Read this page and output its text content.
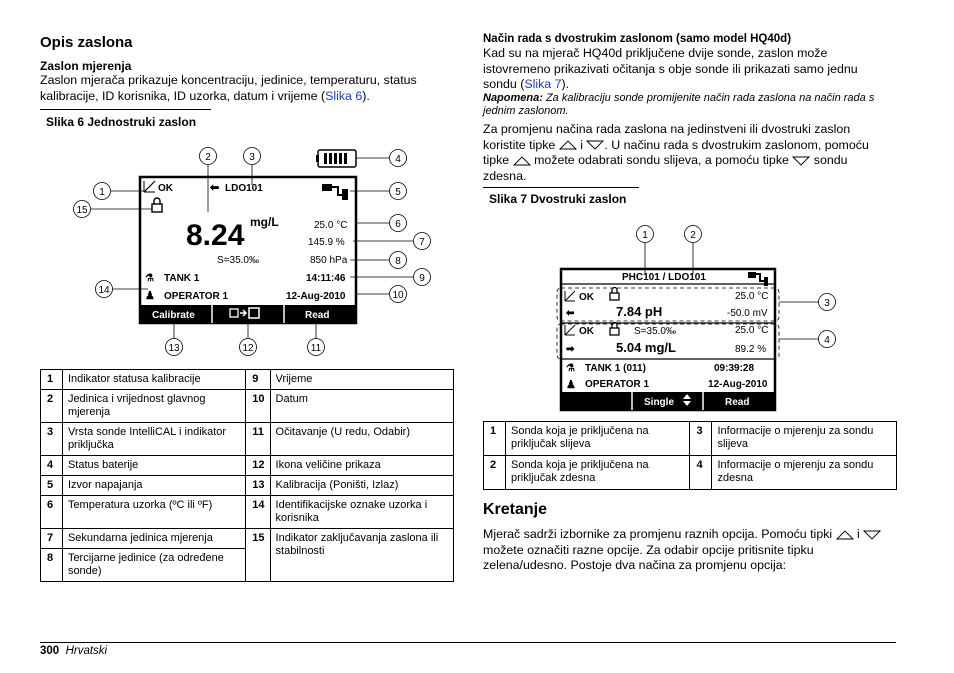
Opis zaslona
Zaslon mjerenja
Zaslon mjerača prikazuje koncentraciju, jedinice, temperaturu, status
kalibracije, ID korisnika, ID uzorka, datum i vrijeme (Slika 6).
Slika 6 Jednostruki zaslon
OK	⬅ LDO101
8.24 mg/L	25.0 °C
145.9 %
S=35.0‰	850 hPa
⚗ TANK 1	14:11:46
♟ OPERATOR 1	12-Aug-2010
Calibrate	Read
1
15
2	3	4
5
6
7
8
9
10
11
12
13
14
1	Indikator statusa kalibracije	9	Vrijeme
2	Jedinica i vrijednost glavnog mjerenja	10	Datum
3	Vrsta sonde IntelliCAL i indikator priključka	11	Očitavanje (U redu, Odabir)
4	Status baterije	12	Ikona veličine prikaza
5	Izvor napajanja	13	Kalibracija (Poništi, Izlaz)
6	Temperatura uzorka (ºC ili ºF)	14	Identifikacijske oznake uzorka i korisnika
7	Sekundarna jedinica mjerenja	15	Indikator zaključavanja zaslona ili stabilnosti
8	Tercijarne jedinice (za određene sonde)		
Način rada s dvostrukim zaslonom (samo model HQ40d)
Kad su na mjerač HQ40d priključene dvije sonde, zaslon može
istovremeno prikazivati očitanja s obje sonde ili prikazati samo jednu
sondu (Slika 7).
Napomena: Za kalibraciju sonde promijenite način rada zaslona na način rada s
jednim zaslonom.
Za promjenu načina rada zaslona na jedinstveni ili dvostruki zaslon
koristite tipke  i . U načinu rada s dvostrukim zaslonom, pomoću
tipke  možete odabrati sondu slijeva, a pomoću tipke  sondu
zdesna.
Slika 7 Dvostruki zaslon
PHC101 / LDO101
OK	25.0 °C
⬅	7.84 pH	-50.0 mV
OK	S=35.0‰	25.0 °C
➡	5.04 mg/L	89.2 %
⚗ TANK 1 (011)	09:39:28
♟ OPERATOR 1	12-Aug-2010
Single	Read
1	2
3
4
1	Sonda koja je priključena na priključak slijeva	3	Informacije o mjerenju za sondu slijeva
2	Sonda koja je priključena na priključak zdesna	4	Informacije o mjerenju za sondu zdesna
Kretanje
Mjerač sadrži izbornike za promjenu raznih opcija. Pomoću tipki  i
možete označiti razne opcije. Za odabir opcije pritisnite tipku
zelena/udesno. Postoje dva načina za promjenu opcija:
300 Hrvatski
